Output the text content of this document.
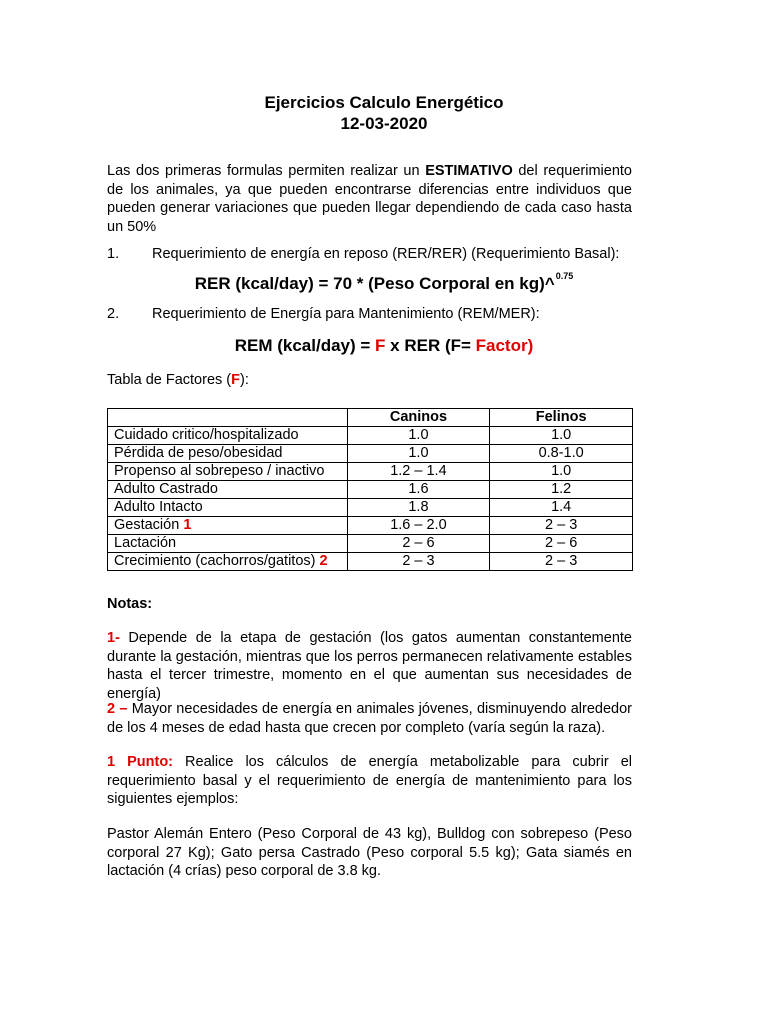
Ejercicios Calculo Energético
12-03-2020
Las dos primeras formulas permiten realizar un ESTIMATIVO del requerimiento de los animales, ya que pueden encontrarse diferencias entre individuos que pueden generar variaciones que pueden llegar dependiendo de cada caso hasta un 50%
1. Requerimiento de energía en reposo (RER/RER) (Requerimiento Basal):
RER (kcal/day) = 70 * (Peso Corporal en kg)^$^{0.75}$
2. Requerimiento de Energía para Mantenimiento (REM/MER):
REM (kcal/day) = F x RER (F= Factor)
Tabla de Factores (F):
	Caninos	Felinos
Cuidado critico/hospitalizado	1.0	1.0
Pérdida de peso/obesidad	1.0	0.8-1.0
Propenso al sobrepeso / inactivo	1.2 – 1.4	1.0
Adulto Castrado	1.6	1.2
Adulto Intacto	1.8	1.4
Gestación 1	1.6 – 2.0	2 – 3
Lactación	2 – 6	2 – 6
Crecimiento (cachorros/gatitos) 2	2 – 3	2 – 3
Notas:
1- Depende de la etapa de gestación (los gatos aumentan constantemente durante la gestación, mientras que los perros permanecen relativamente estables hasta el tercer trimestre, momento en el que aumentan sus necesidades de energía)
2 – Mayor necesidades de energía en animales jóvenes, disminuyendo alrededor de los 4 meses de edad hasta que crecen por completo (varía según la raza).
1 Punto: Realice los cálculos de energía metabolizable para cubrir el requerimiento basal y el requerimiento de energía de mantenimiento para los siguientes ejemplos:
Pastor Alemán Entero (Peso Corporal de 43 kg), Bulldog con sobrepeso (Peso corporal 27 Kg); Gato persa Castrado (Peso corporal 5.5 kg); Gata siamés en lactación (4 crías) peso corporal de 3.8 kg.
